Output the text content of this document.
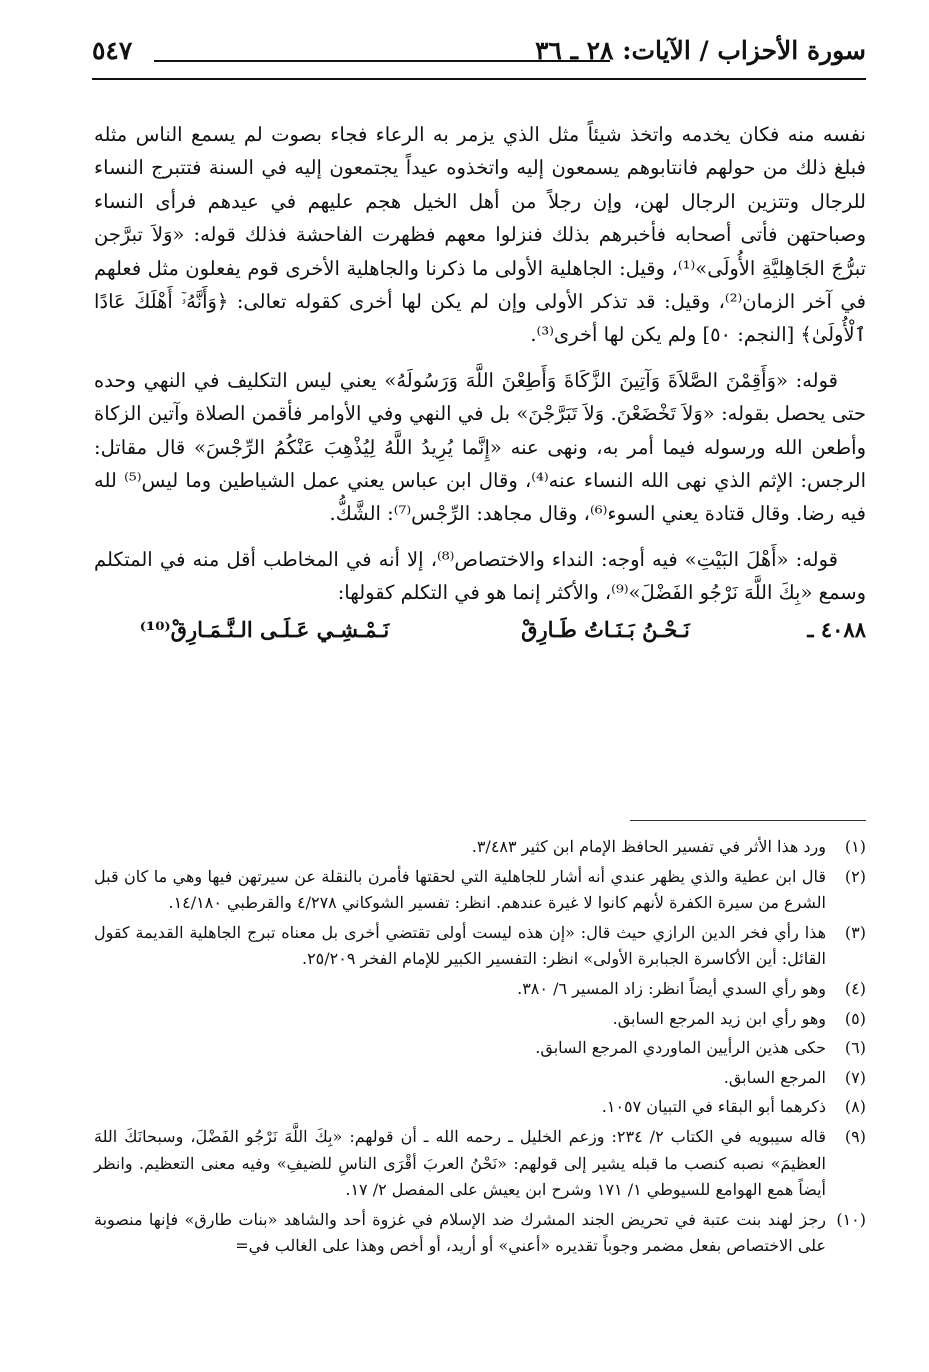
سورة الأحزاب / الآيات: ٢٨ ـ ٣٦
٥٤٧

نفسه منه فكان يخدمه واتخذ شيئاً مثل الذي يزمر به الرعاء فجاء بصوت لم يسمع الناس مثله فبلغ ذلك من حولهم فانتابوهم يسمعون إليه واتخذوه عيداً يجتمعون إليه في السنة فتتبرج النساء للرجال وتتزين الرجال لهن، وإن رجلاً من أهل الخيل هجم عليهم في عيدهم فرأى النساء وصباحتهن فأتى أصحابه فأخبرهم بذلك فنزلوا معهم فظهرت الفاحشة فذلك قوله: «وَلاَ تبرَّجن تبرُّجَ الجَاهِليَّةِ الأُولَى»⁽¹⁾، وقيل: الجاهلية الأولى ما ذكرنا والجاهلية الأخرى قوم يفعلون مثل فعلهم في آخر الزمان⁽²⁾، وقيل: قد تذكر الأولى وإن لم يكن لها أخرى كقوله تعالى: ﴿وَأَنَّهُۥٓ أَهْلَكَ عَادًا ٱلْأُولَىٰ﴾ [النجم: ٥٠] ولم يكن لها أخرى⁽³⁾.

قوله: «وَأَقِمْنَ الصَّلاَةَ وَآتِينَ الزَّكَاةَ وَأَطِعْنَ اللَّهَ وَرَسُولَهُ» يعني ليس التكليف في النهي وحده حتى يحصل بقوله: «وَلاَ تَخْضَعْنَ. وَلاَ تَبَرَّجْنَ» بل في النهي وفي الأوامر فأقمن الصلاة وآتين الزكاة وأطعن الله ورسوله فيما أمر به، ونهى عنه «إِنَّما يُرِيدُ اللَّهُ لِيُذْهِبَ عَنْكُمُ الرِّجْسَ» قال مقاتل: الرجس: الإثم الذي نهى الله النساء عنه⁽⁴⁾، وقال ابن عباس يعني عمل الشياطين وما ليس⁽⁵⁾ لله فيه رضا. وقال قتادة يعني السوء⁽⁶⁾، وقال مجاهد: الرِّجْس⁽⁷⁾: الشَّكُّ.

قوله: «أَهْلَ البَيْتِ» فيه أوجه: النداء والاختصاص⁽⁸⁾، إلا أنه في المخاطب أقل منه في المتكلم وسمع «بِكَ اللَّهَ نَرْجُو الفَضْلَ»⁽⁹⁾، والأكثر إنما هو في التكلم كقولها:

٤٠٨٨ ـ
نَـحْـنُ بَـنَـاتُ طَـارِقْ
نَـمْـشِـي عَـلَـى الـنَّـمَـارِقْ⁽¹⁰⁾
(١)
ورد هذا الأثر في تفسير الحافظ الإمام ابن كثير ٣/٤٨٣.
(٢)
قال ابن عطية والذي يظهر عندي أنه أشار للجاهلية التي لحقتها فأمرن بالنقلة عن سيرتهن فيها وهي ما كان قبل الشرع من سيرة الكفرة لأنهم كانوا لا غيرة عندهم. انظر: تفسير الشوكاني ٤/٢٧٨ والقرطبي ١٤/١٨٠.
(٣)
هذا رأي فخر الدين الرازي حيث قال: «إن هذه ليست أولى تقتضي أخرى بل معناه تبرج الجاهلية القديمة كقول القائل: أين الأكاسرة الجبابرة الأولى» انظر: التفسير الكبير للإمام الفخر ٢٥/٢٠٩.
(٤)
وهو رأي السدي أيضاً انظر: زاد المسير ٦/ ٣٨٠.
(٥)
وهو رأي ابن زيد المرجع السابق.
(٦)
حكى هذين الرأيين الماوردي المرجع السابق.
(٧)
المرجع السابق.
(٨)
ذكرهما أبو البقاء في التبيان ١٠٥٧.
(٩)
قاله سيبويه في الكتاب ٢/ ٢٣٤: وزعم الخليل ـ رحمه الله ـ أن قولهم: «بِكَ اللَّهَ نَرْجُو الفَضْلَ، وسبحانَكَ اللهَ العظيمَ» نصبه كنصب ما قبله يشير إلى قولهم: «نَحْنُ العربَ أقْرَى الناسِ للضيفِ» وفيه معنى التعظيم. وانظر أيضاً همع الهوامع للسيوطي ١/ ١٧١ وشرح ابن يعيش على المفصل ٢/ ١٧.
(١٠)
رجز لهند بنت عتبة في تحريض الجند المشرك ضد الإسلام في غزوة أحد والشاهد «بنات طارق» فإنها منصوبة على الاختصاص بفعل مضمر وجوباً تقديره «أعني» أو أريد، أو أخص وهذا على الغالب في=
